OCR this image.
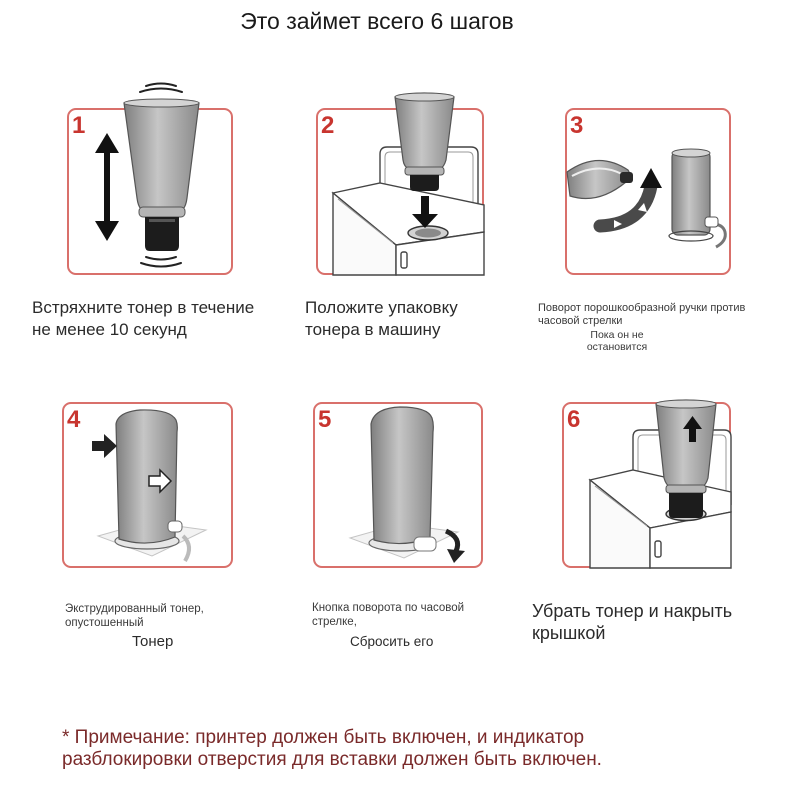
Это займет всего 6 шагов
1	2	3
4	5	6
Встряхните тонер в течение
не менее 10 секунд
Положите упаковку
тонера в машину
Поворот порошкообразной ручки против
часовой стрелки
Пока он не
остановится
Экструдированный тонер,
опустошенный
Тонер
Кнопка поворота по часовой
стрелке,
Сбросить его
Убрать тонер и накрыть
крышкой
* Примечание: принтер должен быть включен, и индикатор
разблокировки отверстия для вставки должен быть включен.
